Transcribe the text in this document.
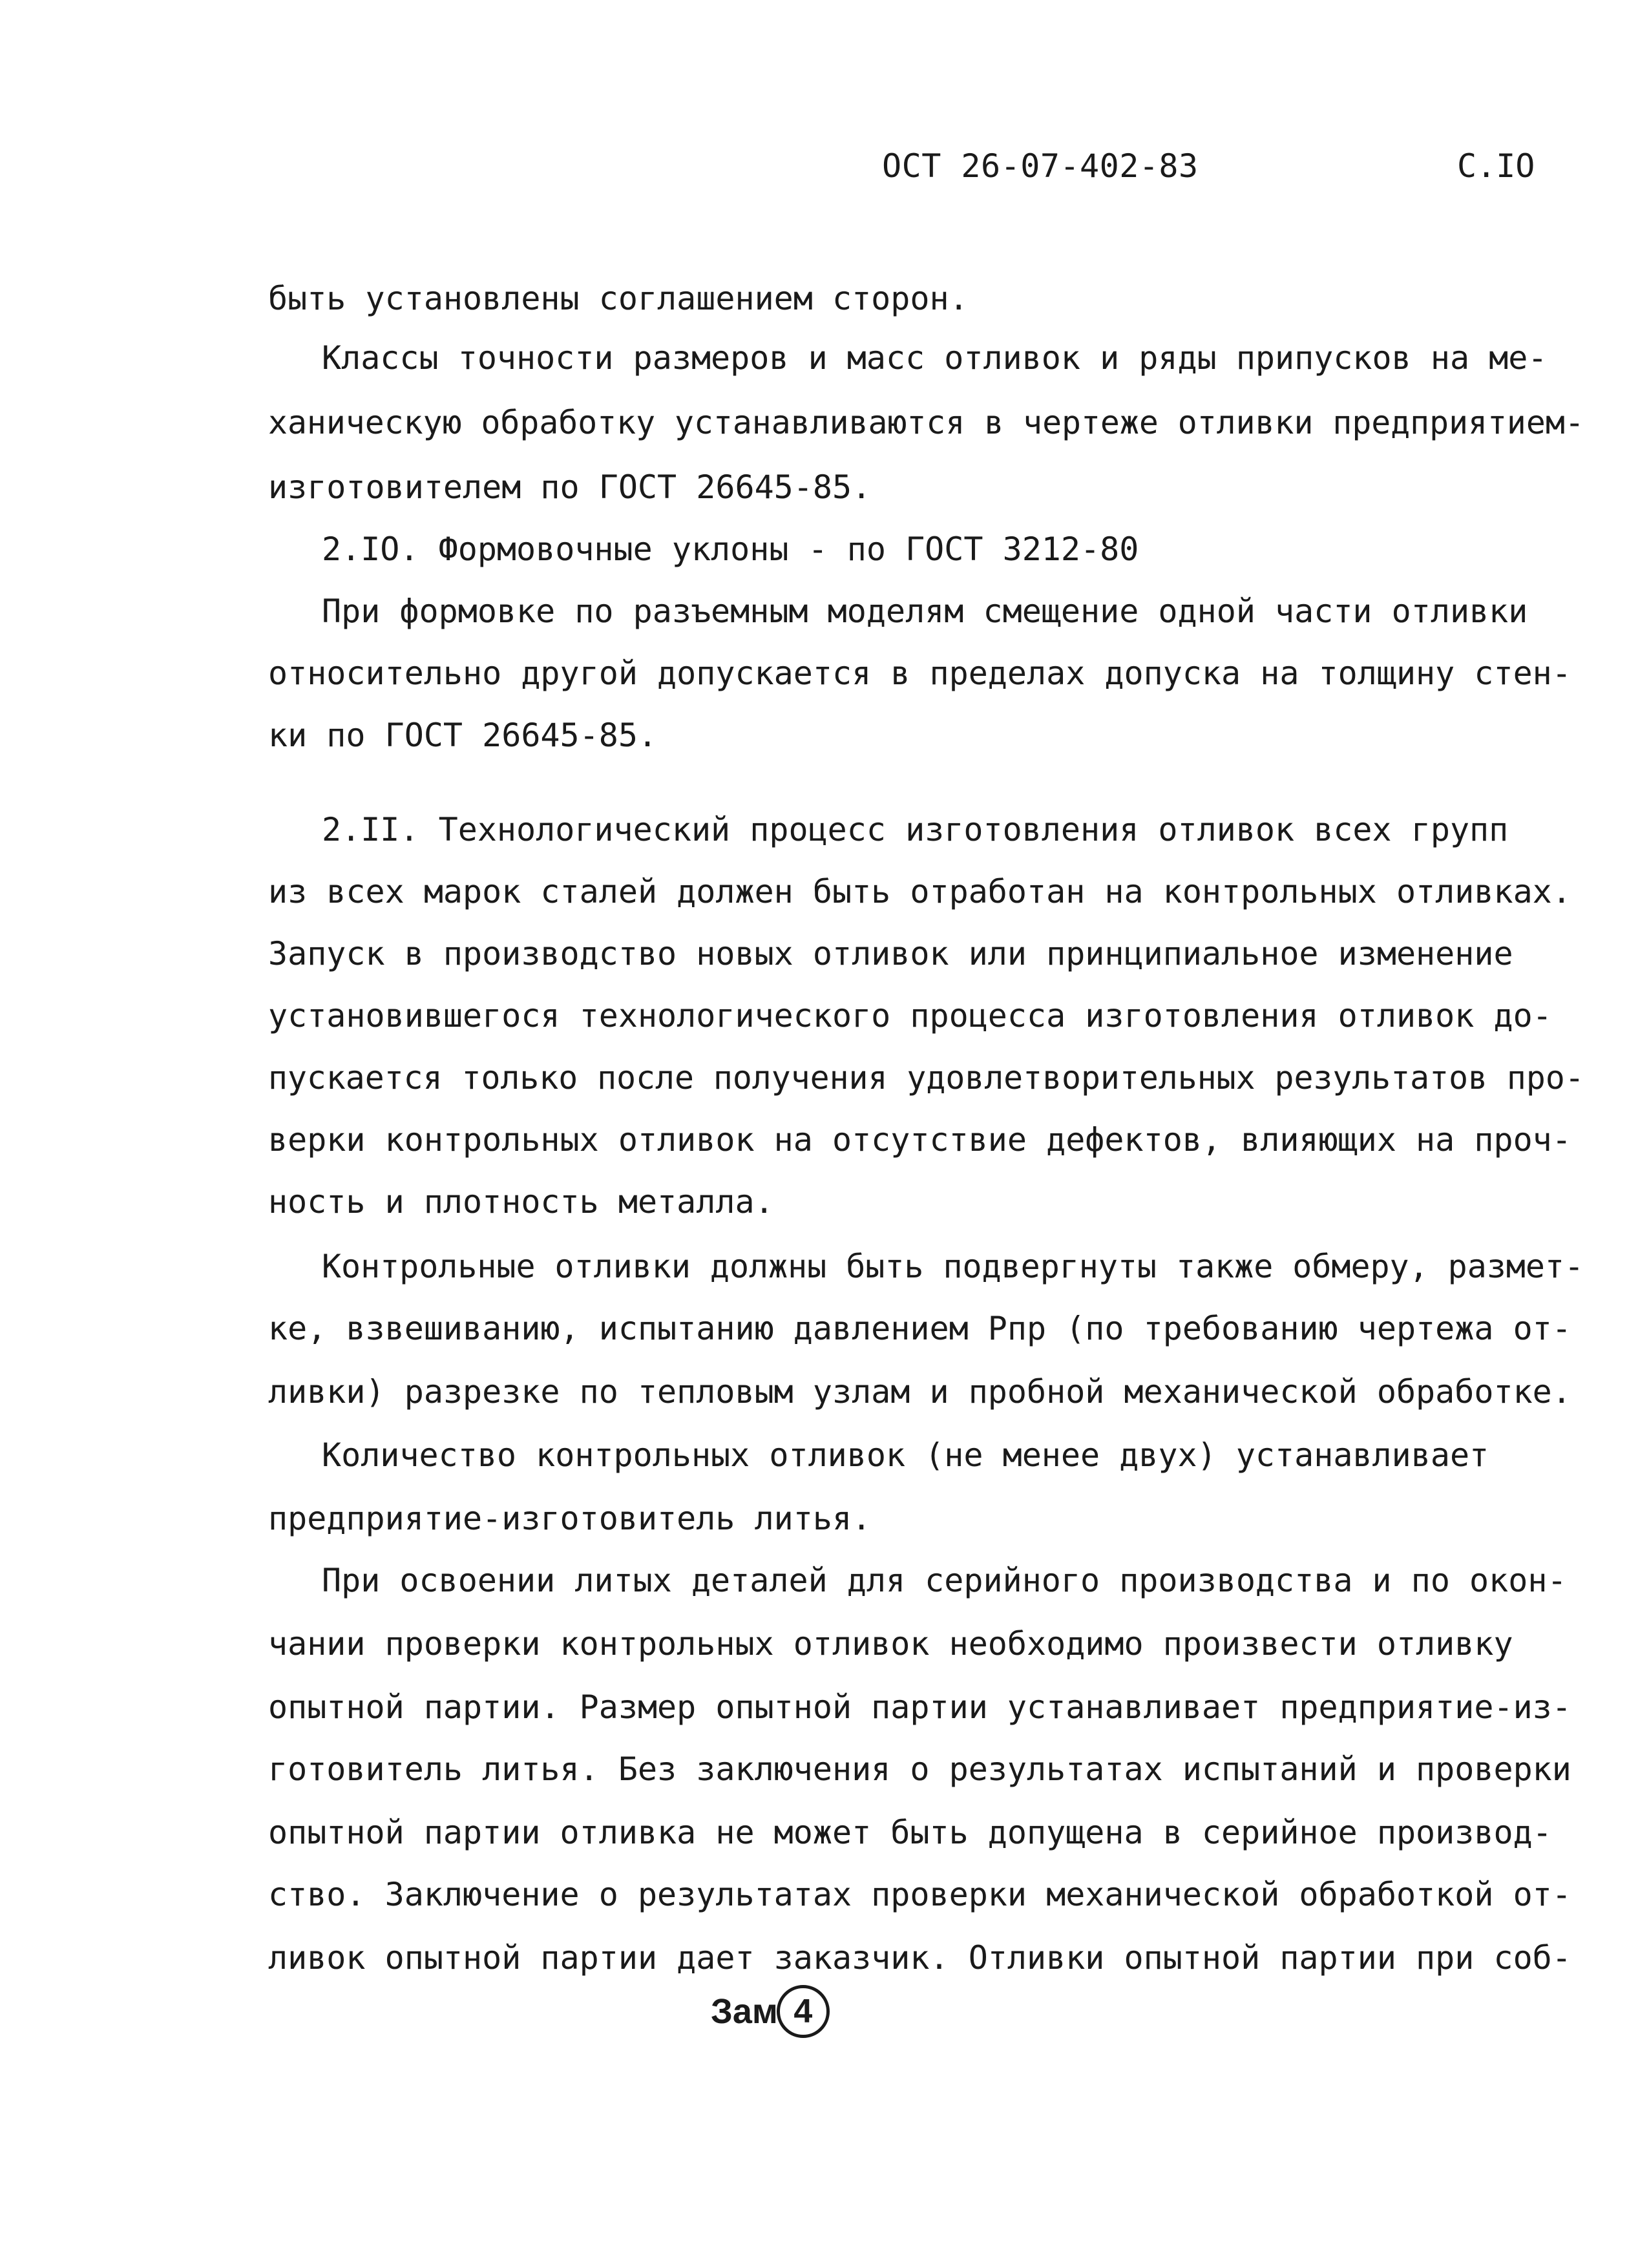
ОСТ 26-07-402-83	С.IO
быть установлены соглашением сторон.
Классы точности размеров и масс отливок и ряды припусков на ме-
ханическую обработку устанавливаются в чертеже отливки предприятием-
изготовителем по ГОСТ 26645-85.
2.IO. Формовочные уклоны - по ГОСТ 3212-80
При формовке по разъемным моделям смещение одной части отливки
относительно другой допускается в пределах допуска на толщину стен-
ки по ГОСТ 26645-85.
2.II. Технологический процесс изготовления отливок всех групп
из всех марок сталей должен быть отработан на контрольных отливках.
Запуск в производство новых отливок или принципиальное изменение
установившегося технологического процесса изготовления отливок до-
пускается только после получения удовлетворительных результатов про-
верки контрольных отливок на отсутствие дефектов, влияющих на проч-
ность и плотность металла.
Контрольные отливки должны быть подвергнуты также обмеру, размет-
ке, взвешиванию, испытанию давлением Рпр (по требованию чертежа от-
ливки) разрезке по тепловым узлам и пробной механической обработке.
Количество контрольных отливок (не менее двух) устанавливает
предприятие-изготовитель литья.
При освоении литых деталей для серийного производства и по окон-
чании проверки контрольных отливок необходимо произвести отливку
опытной партии. Размер опытной партии устанавливает предприятие-из-
готовитель литья. Без заключения о результатах испытаний и проверки
опытной партии отливка не может быть допущена в серийное производ-
ство. Заключение о результатах проверки механической обработкой от-
ливок опытной партии дает заказчик. Отливки опытной партии при соб-
Зам 4
